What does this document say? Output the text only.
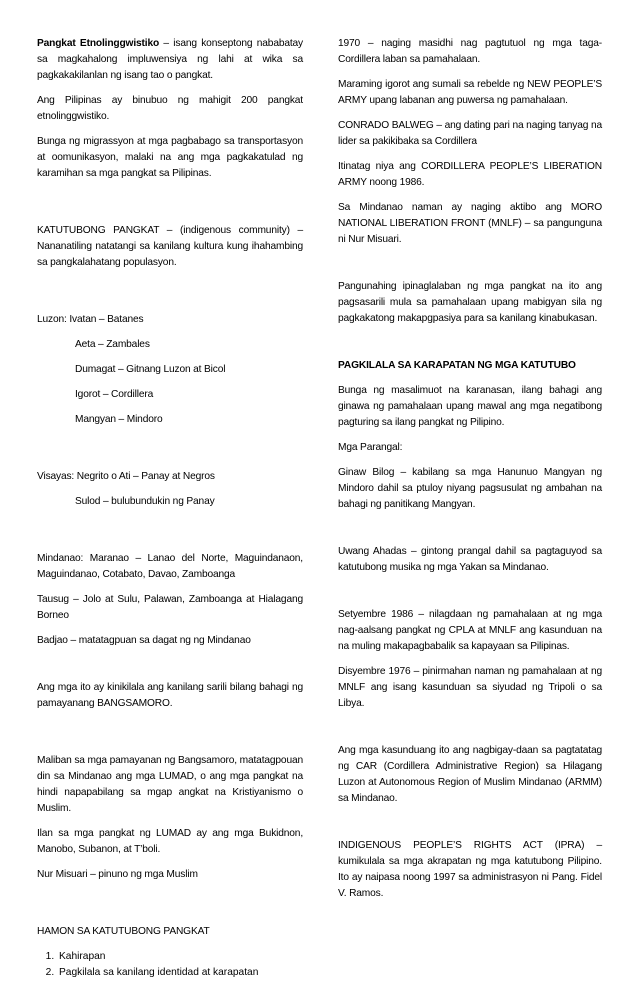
Pangkat Etnolinggwistiko – isang konseptong nababatay sa magkahalong impluwensiya ng lahi at wika sa pagkakakilanlan ng isang tao o pangkat.

Ang Pilipinas ay binubuo ng mahigit 200 pangkat etnolinggwistiko.

Bunga ng migrassyon at mga pagbabago sa transportasyon at oomunikasyon, malaki na ang mga pagkakatulad ng karamihan sa mga pangkat sa Pilipinas.

KATUTUBONG PANGKAT – (indigenous community) – Nananatiling natatangi sa kanilang kultura kung ihahambing sa pangkalahatang populasyon.

Luzon: Ivatan – Batanes

Aeta – Zambales

Dumagat – Gitnang Luzon at Bicol

Igorot – Cordillera

Mangyan – Mindoro

Visayas: Negrito o Ati – Panay at Negros

Sulod – bulubundukin ng Panay

Mindanao: Maranao – Lanao del Norte, Maguindanaon, Maguindanao, Cotabato, Davao, Zamboanga

Tausug – Jolo at Sulu, Palawan, Zamboanga at Hialagang Borneo

Badjao – matatagpuan sa dagat ng ng Mindanao

Ang mga ito ay kinikilala ang kanilang sarili bilang bahagi ng pamayanang BANGSAMORO.

Maliban sa mga pamayanan ng Bangsamoro, matatagpouan din sa Mindanao ang mga LUMAD, o ang mga pangkat na hindi napapabilang sa mgap angkat na Kristiyanismo o Muslim.

Ilan sa mga pangkat ng LUMAD ay ang mga Bukidnon, Manobo, Subanon, at T’boli.

Nur Misuari – pinuno ng mga Muslim

HAMON SA KATUTUBONG PANGKAT

1. Kahirapan
2. Pagkilala sa kanilang identidad at karapatan

1970 – naging masidhi nag pagtutuol ng mga taga-Cordillera laban sa pamahalaan.

Maraming igorot ang sumali sa rebelde ng NEW PEOPLE’S ARMY upang labanan ang puwersa ng pamahalaan.

CONRADO BALWEG – ang dating pari na naging tanyag na lider sa pakikibaka sa Cordillera

Itinatag niya ang CORDILLERA PEOPLE’S LIBERATION ARMY noong 1986.

Sa Mindanao naman ay naging aktibo ang MORO NATIONAL LIBERATION FRONT (MNLF) – sa pangunguna ni Nur Misuari.

Pangunahing ipinaglalaban ng mga pangkat na ito ang pagsasarili mula sa pamahalaan upang mabigyan sila ng pagkakatong makapgpasiya para sa kanilang kinabukasan.

PAGKILALA SA KARAPATAN NG MGA KATUTUBO

Bunga ng masalimuot na karanasan, ilang bahagi ang ginawa ng pamahalaan upang mawal ang mga negatibong pagturing sa ilang pangkat ng Pilipino.

Mga Parangal:

Ginaw Bilog – kabilang sa mga Hanunuo Mangyan ng Mindoro dahil sa ptuloy niyang pagsusulat ng ambahan na bahagi ng panitikang Mangyan.

Uwang Ahadas – gintong prangal dahil sa pagtaguyod sa katutubong musika ng mga Yakan sa Mindanao.

Setyembre 1986 – nilagdaan ng pamahalaan at ng mga nag-aalsang pangkat ng CPLA at MNLF ang kasunduan na na muling makapagbabalik sa kapayaan sa Pilipinas.

Disyembre 1976 – pinirmahan naman ng pamahalaan at ng MNLF ang isang kasunduan sa siyudad ng Tripoli o sa Libya.

Ang mga kasunduang ito ang nagbigay-daan sa pagtatatag ng CAR (Cordillera Administrative Region) sa Hilagang Luzon at Autonomous Region of Muslim Mindanao (ARMM) sa Mindanao.

INDIGENOUS PEOPLE’S RIGHTS ACT (IPRA) – kumikulala sa mga akrapatan ng mga katutubong Pilipino. Ito ay naipasa noong 1997 sa administrasyon ni Pang. Fidel V. Ramos.
